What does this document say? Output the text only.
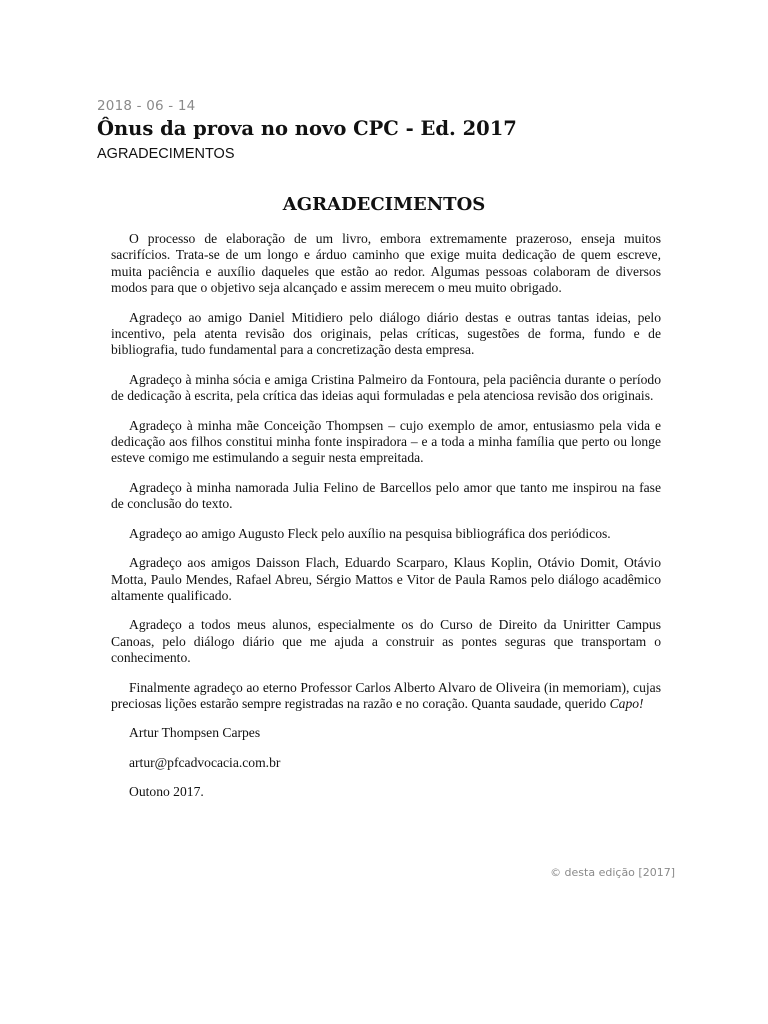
2018 - 06 - 14
Ônus da prova no novo CPC - Ed. 2017
AGRADECIMENTOS
AGRADECIMENTOS

O processo de elaboração de um livro, embora extremamente prazeroso, enseja muitos sacrifícios. Trata-se de um longo e árduo caminho que exige muita dedicação de quem escreve, muita paciência e auxílio daqueles que estão ao redor. Algumas pessoas colaboram de diversos modos para que o objetivo seja alcançado e assim merecem o meu muito obrigado.

Agradeço ao amigo Daniel Mitidiero pelo diálogo diário destas e outras tantas ideias, pelo incentivo, pela atenta revisão dos originais, pelas críticas, sugestões de forma, fundo e de bibliografia, tudo fundamental para a concretização desta empresa.

Agradeço à minha sócia e amiga Cristina Palmeiro da Fontoura, pela paciência durante o período de dedicação à escrita, pela crítica das ideias aqui formuladas e pela atenciosa revisão dos originais.

Agradeço à minha mãe Conceição Thompsen – cujo exemplo de amor, entusiasmo pela vida e dedicação aos filhos constitui minha fonte inspiradora – e a toda a minha família que perto ou longe esteve comigo me estimulando a seguir nesta empreitada.

Agradeço à minha namorada Julia Felino de Barcellos pelo amor que tanto me inspirou na fase de conclusão do texto.

Agradeço ao amigo Augusto Fleck pelo auxílio na pesquisa bibliográfica dos periódicos.

Agradeço aos amigos Daisson Flach, Eduardo Scarparo, Klaus Koplin, Otávio Domit, Otávio Motta, Paulo Mendes, Rafael Abreu, Sérgio Mattos e Vitor de Paula Ramos pelo diálogo acadêmico altamente qualificado.

Agradeço a todos meus alunos, especialmente os do Curso de Direito da Uniritter Campus Canoas, pelo diálogo diário que me ajuda a construir as pontes seguras que transportam o conhecimento.

Finalmente agradeço ao eterno Professor Carlos Alberto Alvaro de Oliveira (in memoriam), cujas preciosas lições estarão sempre registradas na razão e no coração. Quanta saudade, querido Capo!

Artur Thompsen Carpes

artur@pfcadvocacia.com.br

Outono 2017.

© desta edição [2017]
